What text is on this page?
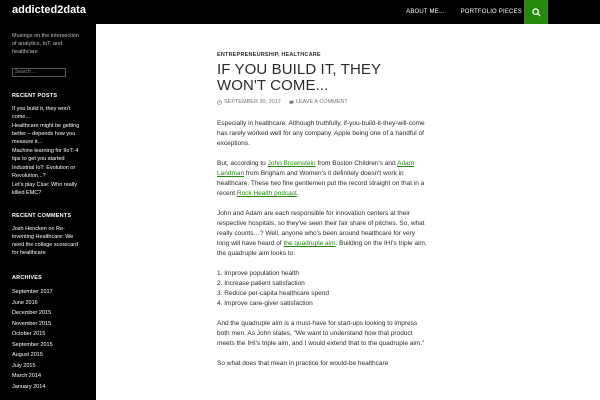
addicted2data	ABOUT ME...	PORTFOLIO PIECES
Musings on the intersection of analytics, IoT, and healthcare
Search ...
RECENT POSTS
If you build it, they won't come...
Healthcare might be getting better – depends how you measure it...
Machine learning for IIoT: 4 tips to get you started
Industrial IoT: Evolution or Revolution...?
Let's play Clue: Who really killed EMC?
RECENT COMMENTS
Josh Hencken on Re-inventing Healthcare: We need the college scorecard for healthcare
ARCHIVES
September 2017
June 2016
December 2015
November 2015
October 2015
September 2015
August 2015
July 2015
March 2014
January 2014
ENTREPRENEURSHIP, HEALTHCARE
IF YOU BUILD IT, THEY WON'T COME...
SEPTEMBER 30, 2017	LEAVE A COMMENT

Especially in healthcare. Although truthfully, if-you-build-it-they-will-come has rarely worked well for any company. Apple being one of a handful of exceptions.

But, according to John Brownstein from Boston Children's and Adam Landman from Brigham and Women's it definitely doesn't work in healthcare. These two fine gentlemen put the record straight on that in a recent Rock Health podcast.

John and Adam are each responsible for innovation centers at their respective hospitals, so they've seen their fair share of pitches. So, what really counts…? Well, anyone who's been around healthcare for very long will have heard of the quadruple aim. Building on the IHI's triple aim, the quadruple aim looks to:

1. Improve population health
2. Increase patient satisfaction
3. Reduce per-capita healthcare spend
4. Improve care-giver satisfaction

And the quadruple aim is a must-have for start-ups looking to impress both men. As John states, "We want to understand how that product meets the IHI's triple aim, and I would extend that to the quadruple aim."

So what does that mean in practice for would-be healthcare
